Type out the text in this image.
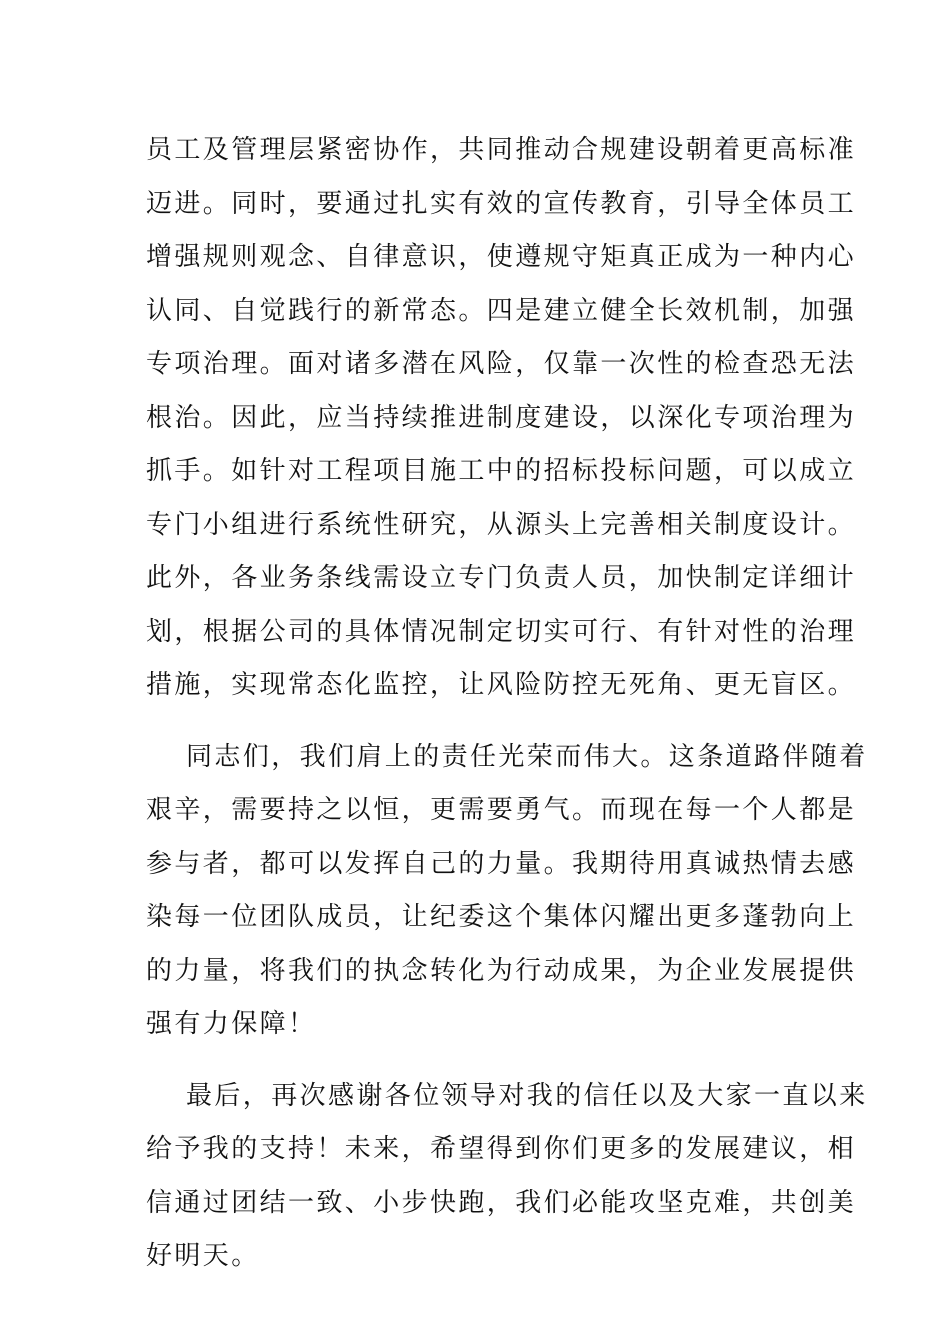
员工及管理层紧密协作，共同推动合规建设朝着更高标准
迈进。同时，要通过扎实有效的宣传教育，引导全体员工
增强规则观念、自律意识，使遵规守矩真正成为一种内心
认同、自觉践行的新常态。四是建立健全长效机制，加强
专项治理。面对诸多潜在风险，仅靠一次性的检查恐无法
根治。因此，应当持续推进制度建设，以深化专项治理为
抓手。如针对工程项目施工中的招标投标问题，可以成立
专门小组进行系统性研究，从源头上完善相关制度设计。
此外，各业务条线需设立专门负责人员，加快制定详细计
划，根据公司的具体情况制定切实可行、有针对性的治理
措施，实现常态化监控，让风险防控无死角、更无盲区。
同志们，我们肩上的责任光荣而伟大。这条道路伴随着
艰辛，需要持之以恒，更需要勇气。而现在每一个人都是
参与者，都可以发挥自己的力量。我期待用真诚热情去感
染每一位团队成员，让纪委这个集体闪耀出更多蓬勃向上
的力量，将我们的执念转化为行动成果，为企业发展提供
强有力保障！
最后，再次感谢各位领导对我的信任以及大家一直以来
给予我的支持！未来，希望得到你们更多的发展建议，相
信通过团结一致、小步快跑，我们必能攻坚克难，共创美
好明天。
